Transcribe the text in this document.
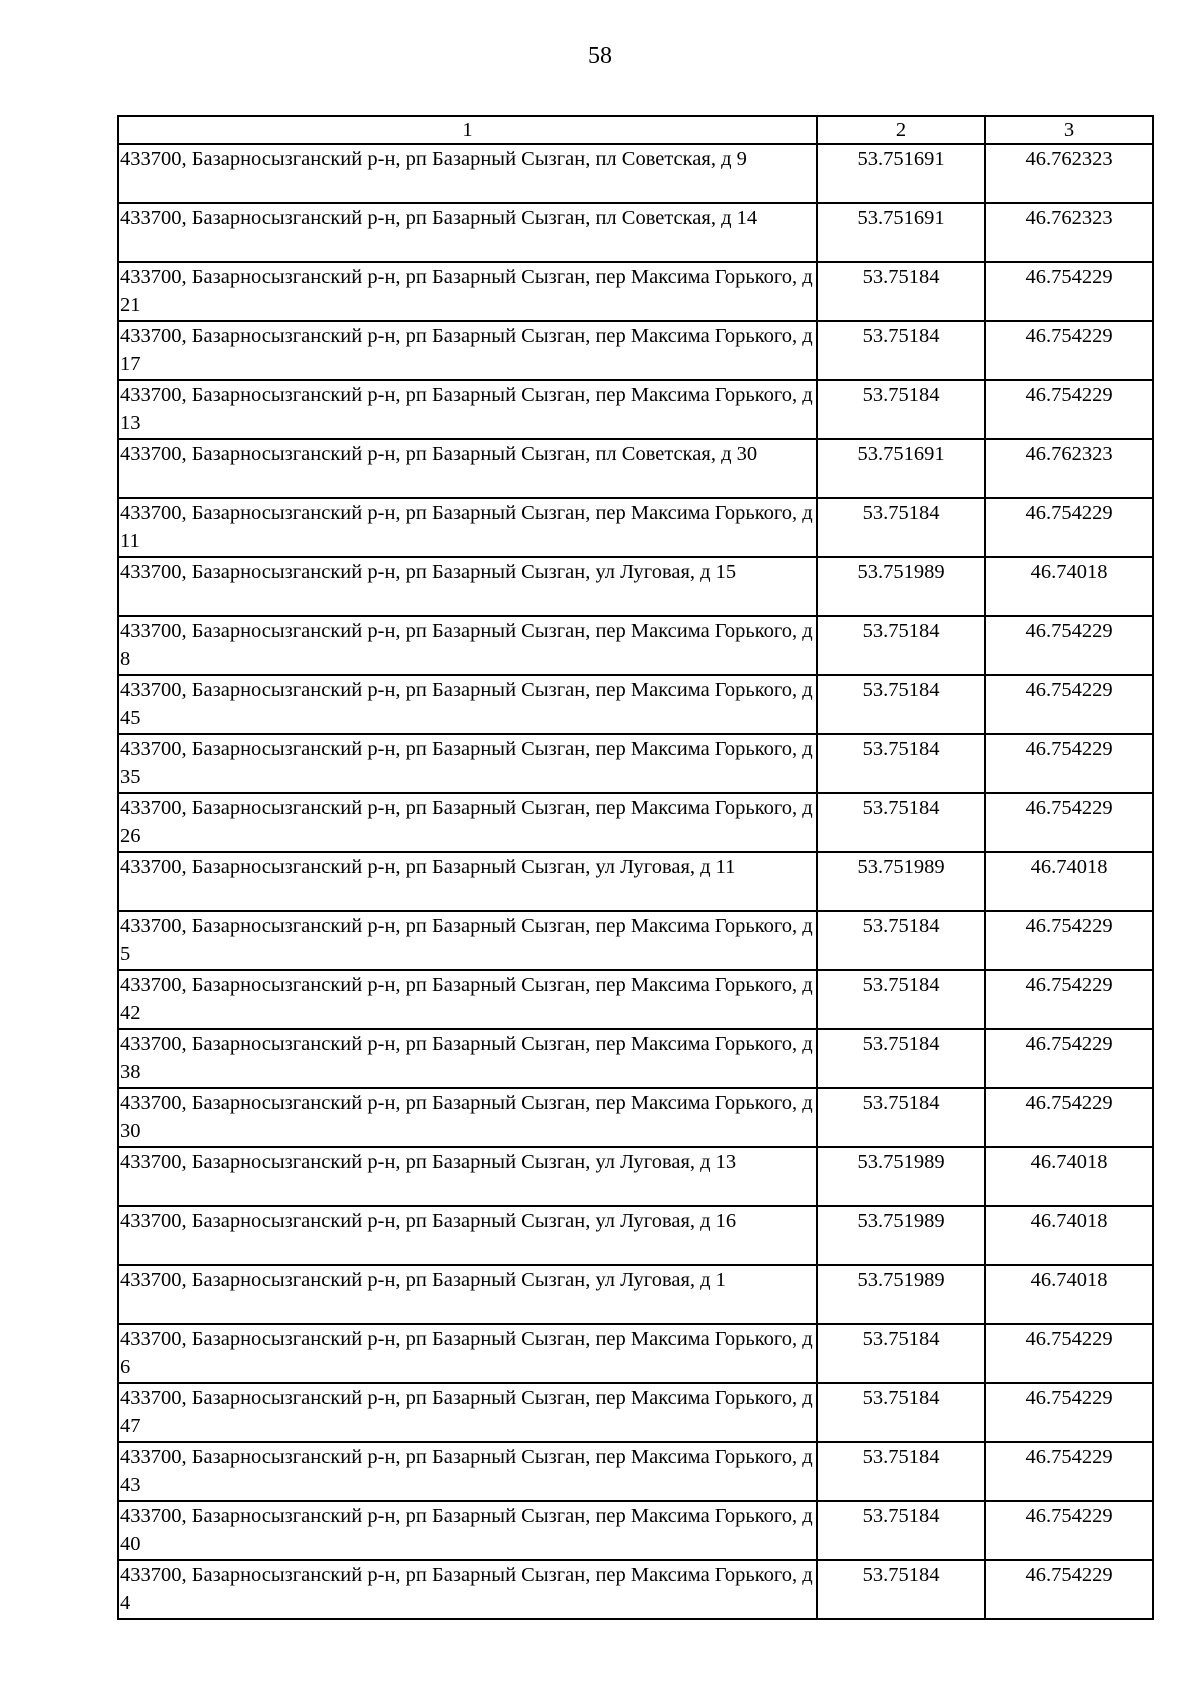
58
1	2	3
433700, Базарносызганский р-н, рп Базарный Сызган, пл Советская, д 9	53.751691	46.762323
433700, Базарносызганский р-н, рп Базарный Сызган, пл Советская, д 14	53.751691	46.762323
433700, Базарносызганский р-н, рп Базарный Сызган, пер Максима Горького, д 21	53.75184	46.754229
433700, Базарносызганский р-н, рп Базарный Сызган, пер Максима Горького, д 17	53.75184	46.754229
433700, Базарносызганский р-н, рп Базарный Сызган, пер Максима Горького, д 13	53.75184	46.754229
433700, Базарносызганский р-н, рп Базарный Сызган, пл Советская, д 30	53.751691	46.762323
433700, Базарносызганский р-н, рп Базарный Сызган, пер Максима Горького, д 11	53.75184	46.754229
433700, Базарносызганский р-н, рп Базарный Сызган, ул Луговая, д 15	53.751989	46.74018
433700, Базарносызганский р-н, рп Базарный Сызган, пер Максима Горького, д 8	53.75184	46.754229
433700, Базарносызганский р-н, рп Базарный Сызган, пер Максима Горького, д 45	53.75184	46.754229
433700, Базарносызганский р-н, рп Базарный Сызган, пер Максима Горького, д 35	53.75184	46.754229
433700, Базарносызганский р-н, рп Базарный Сызган, пер Максима Горького, д 26	53.75184	46.754229
433700, Базарносызганский р-н, рп Базарный Сызган, ул Луговая, д 11	53.751989	46.74018
433700, Базарносызганский р-н, рп Базарный Сызган, пер Максима Горького, д 5	53.75184	46.754229
433700, Базарносызганский р-н, рп Базарный Сызган, пер Максима Горького, д 42	53.75184	46.754229
433700, Базарносызганский р-н, рп Базарный Сызган, пер Максима Горького, д 38	53.75184	46.754229
433700, Базарносызганский р-н, рп Базарный Сызган, пер Максима Горького, д 30	53.75184	46.754229
433700, Базарносызганский р-н, рп Базарный Сызган, ул Луговая, д 13	53.751989	46.74018
433700, Базарносызганский р-н, рп Базарный Сызган, ул Луговая, д 16	53.751989	46.74018
433700, Базарносызганский р-н, рп Базарный Сызган, ул Луговая, д 1	53.751989	46.74018
433700, Базарносызганский р-н, рп Базарный Сызган, пер Максима Горького, д 6	53.75184	46.754229
433700, Базарносызганский р-н, рп Базарный Сызган, пер Максима Горького, д 47	53.75184	46.754229
433700, Базарносызганский р-н, рп Базарный Сызган, пер Максима Горького, д 43	53.75184	46.754229
433700, Базарносызганский р-н, рп Базарный Сызган, пер Максима Горького, д 40	53.75184	46.754229
433700, Базарносызганский р-н, рп Базарный Сызган, пер Максима Горького, д 4	53.75184	46.754229
